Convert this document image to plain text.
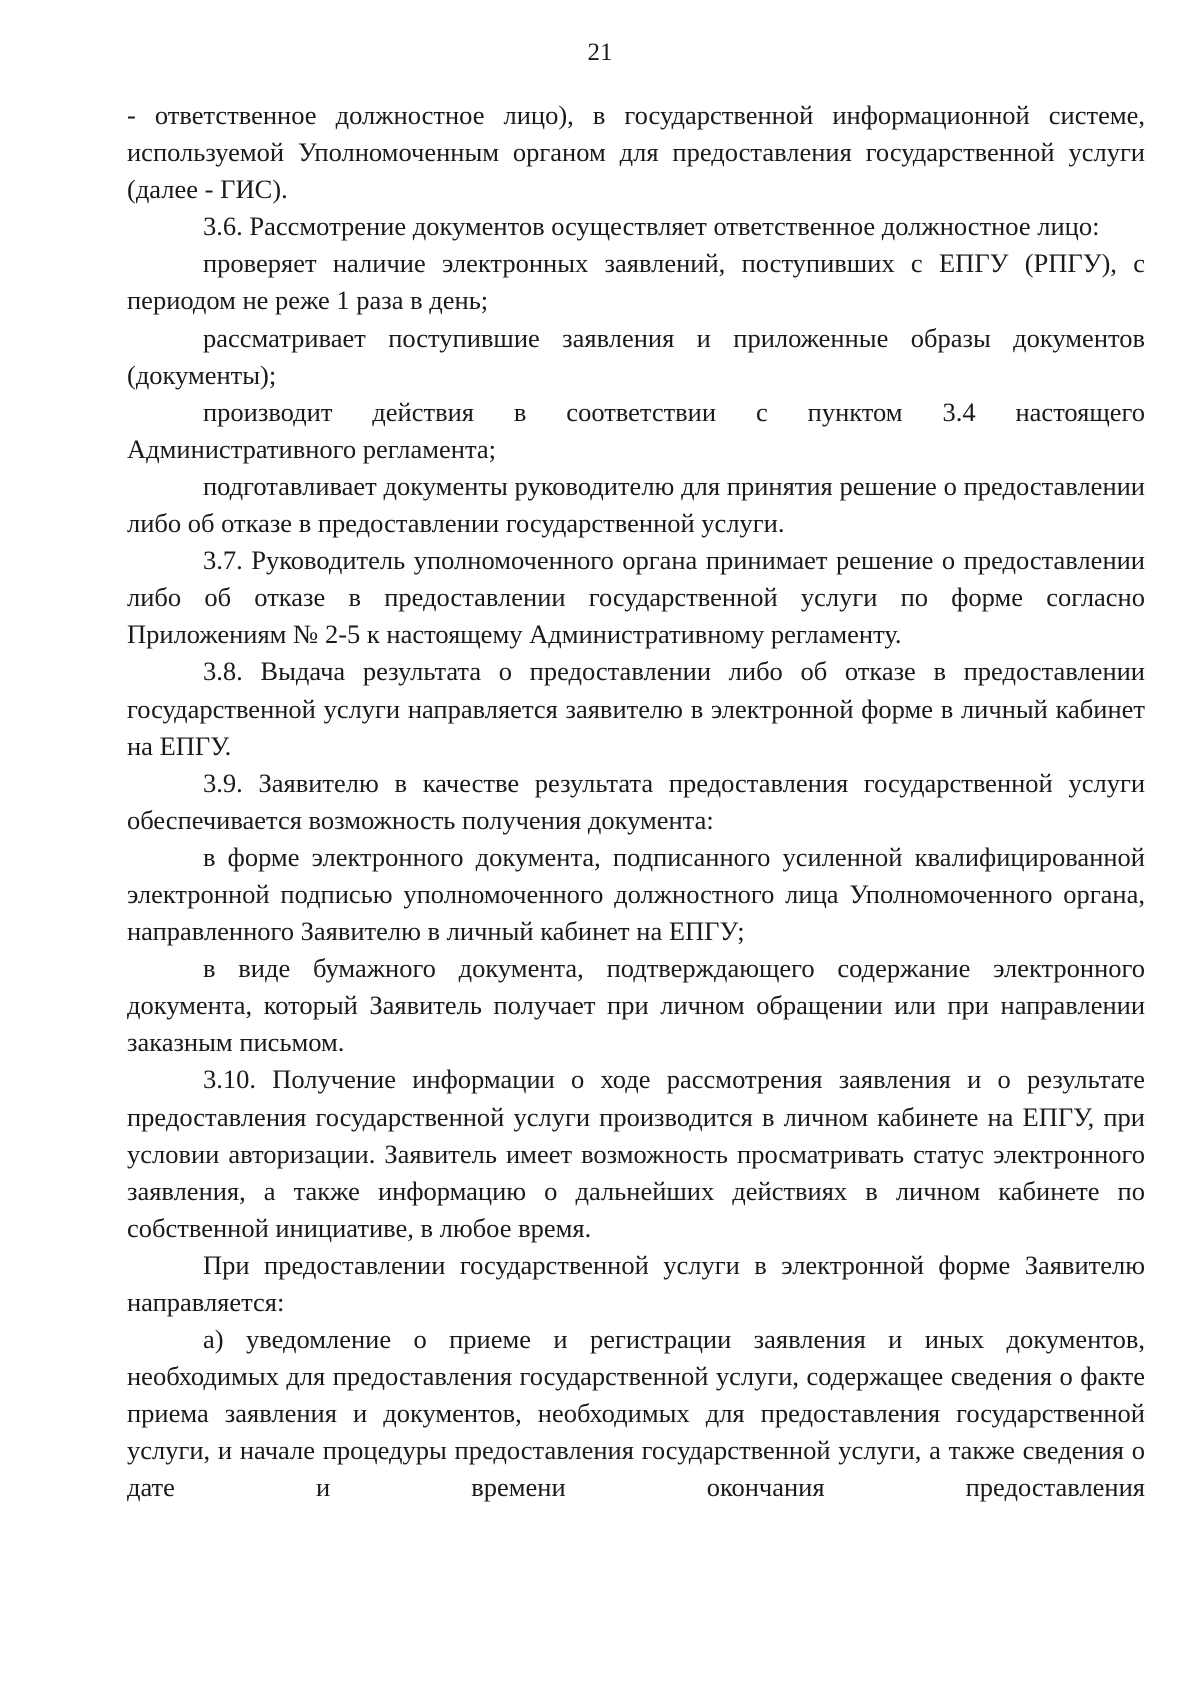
21

- ответственное должностное лицо), в государственной информационной системе, используемой Уполномоченным органом для предоставления государственной услуги (далее - ГИС).

3.6. Рассмотрение документов осуществляет ответственное должностное лицо:

проверяет наличие электронных заявлений, поступивших с ЕПГУ (РПГУ), с периодом не реже 1 раза в день;

рассматривает поступившие заявления и приложенные образы документов (документы);

производит действия в соответствии с пунктом 3.4 настоящего Административного регламента;

подготавливает документы руководителю для принятия решение о предоставлении либо об отказе в предоставлении государственной услуги.

3.7. Руководитель уполномоченного органа принимает решение о предоставлении либо об отказе в предоставлении государственной услуги по форме согласно Приложениям № 2-5 к настоящему Административному регламенту.

3.8. Выдача результата о предоставлении либо об отказе в предоставлении государственной услуги направляется заявителю в электронной форме в личный кабинет на ЕПГУ.

3.9. Заявителю в качестве результата предоставления государственной услуги обеспечивается возможность получения документа:

в форме электронного документа, подписанного усиленной квалифицированной электронной подписью уполномоченного должностного лица Уполномоченного органа, направленного Заявителю в личный кабинет на ЕПГУ;

в виде бумажного документа, подтверждающего содержание электронного документа, который Заявитель получает при личном обращении или при направлении заказным письмом.

3.10. Получение информации о ходе рассмотрения заявления и о результате предоставления государственной услуги производится в личном кабинете на ЕПГУ, при условии авторизации. Заявитель имеет возможность просматривать статус электронного заявления, а также информацию о дальнейших действиях в личном кабинете по собственной инициативе, в любое время.

При предоставлении государственной услуги в электронной форме Заявителю направляется:

а) уведомление о приеме и регистрации заявления и иных документов, необходимых для предоставления государственной услуги, содержащее сведения о факте приема заявления и документов, необходимых для предоставления государственной услуги, и начале процедуры предоставления государственной услуги, а также сведения о дате и времени окончания предоставления
